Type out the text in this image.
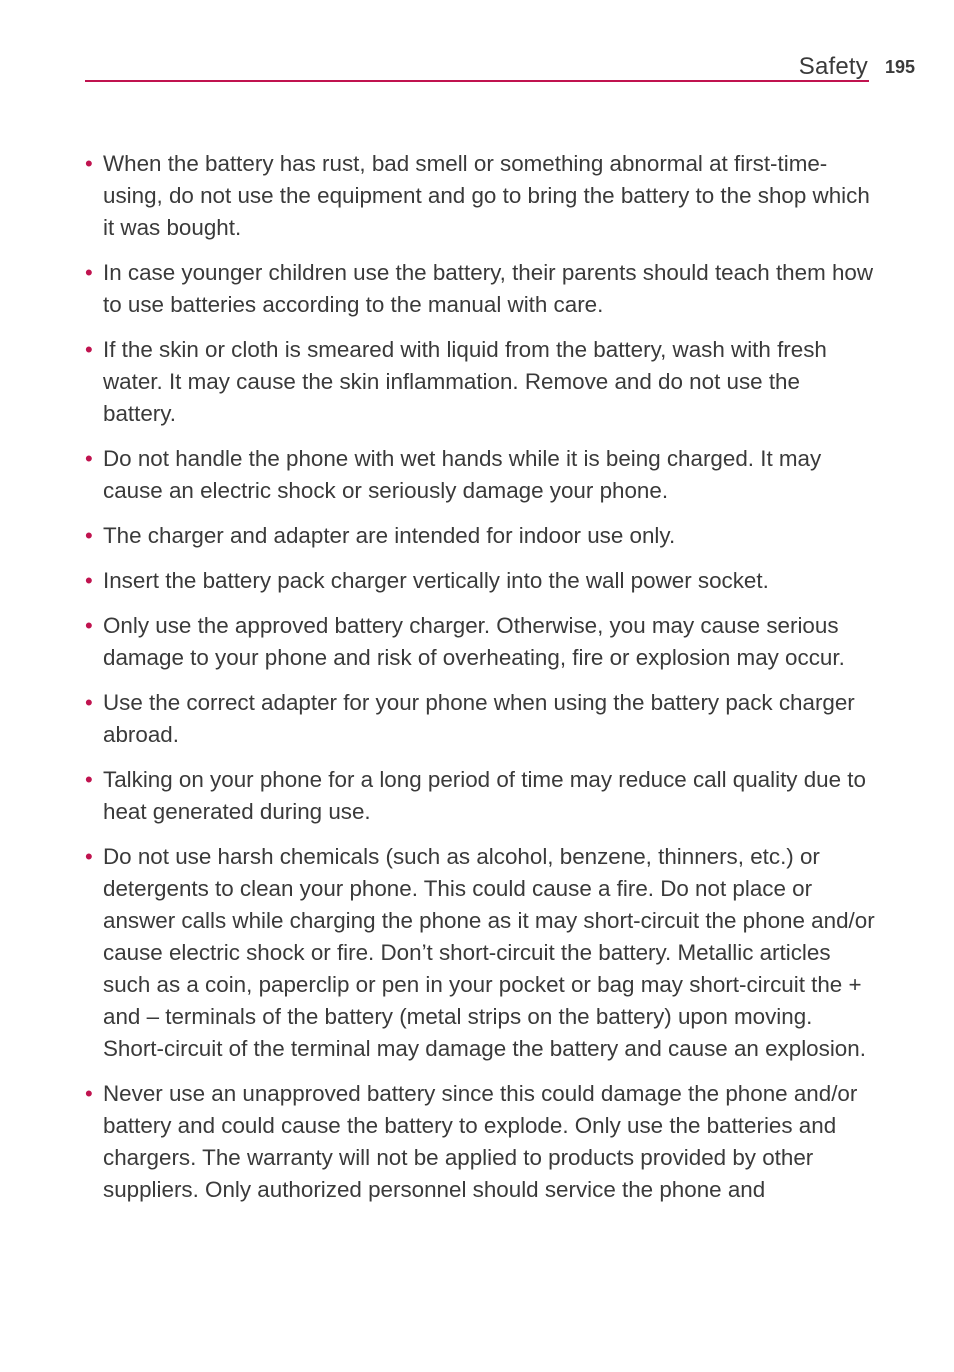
Safety 195
• When the battery has rust, bad smell or something abnormal at first-time-using, do not use the equipment and go to bring the battery to the shop which it was bought.
• In case younger children use the battery, their parents should teach them how to use batteries according to the manual with care.
• If the skin or cloth is smeared with liquid from the battery, wash with fresh water. It may cause the skin inflammation. Remove and do not use the battery.
• Do not handle the phone with wet hands while it is being charged. It may cause an electric shock or seriously damage your phone.
• The charger and adapter are intended for indoor use only.
• Insert the battery pack charger vertically into the wall power socket.
• Only use the approved battery charger. Otherwise, you may cause serious damage to your phone and risk of overheating, fire or explosion may occur.
• Use the correct adapter for your phone when using the battery pack charger abroad.
• Talking on your phone for a long period of time may reduce call quality due to heat generated during use.
• Do not use harsh chemicals (such as alcohol, benzene, thinners, etc.) or detergents to clean your phone. This could cause a fire. Do not place or answer calls while charging the phone as it may short-circuit the phone and/or cause electric shock or fire. Don’t short-circuit the battery. Metallic articles such as a coin, paperclip or pen in your pocket or bag may short-circuit the + and – terminals of the battery (metal strips on the battery) upon moving. Short-circuit of the terminal may damage the battery and cause an explosion.
• Never use an unapproved battery since this could damage the phone and/or battery and could cause the battery to explode. Only use the batteries and chargers. The warranty will not be applied to products provided by other suppliers. Only authorized personnel should service the phone and
